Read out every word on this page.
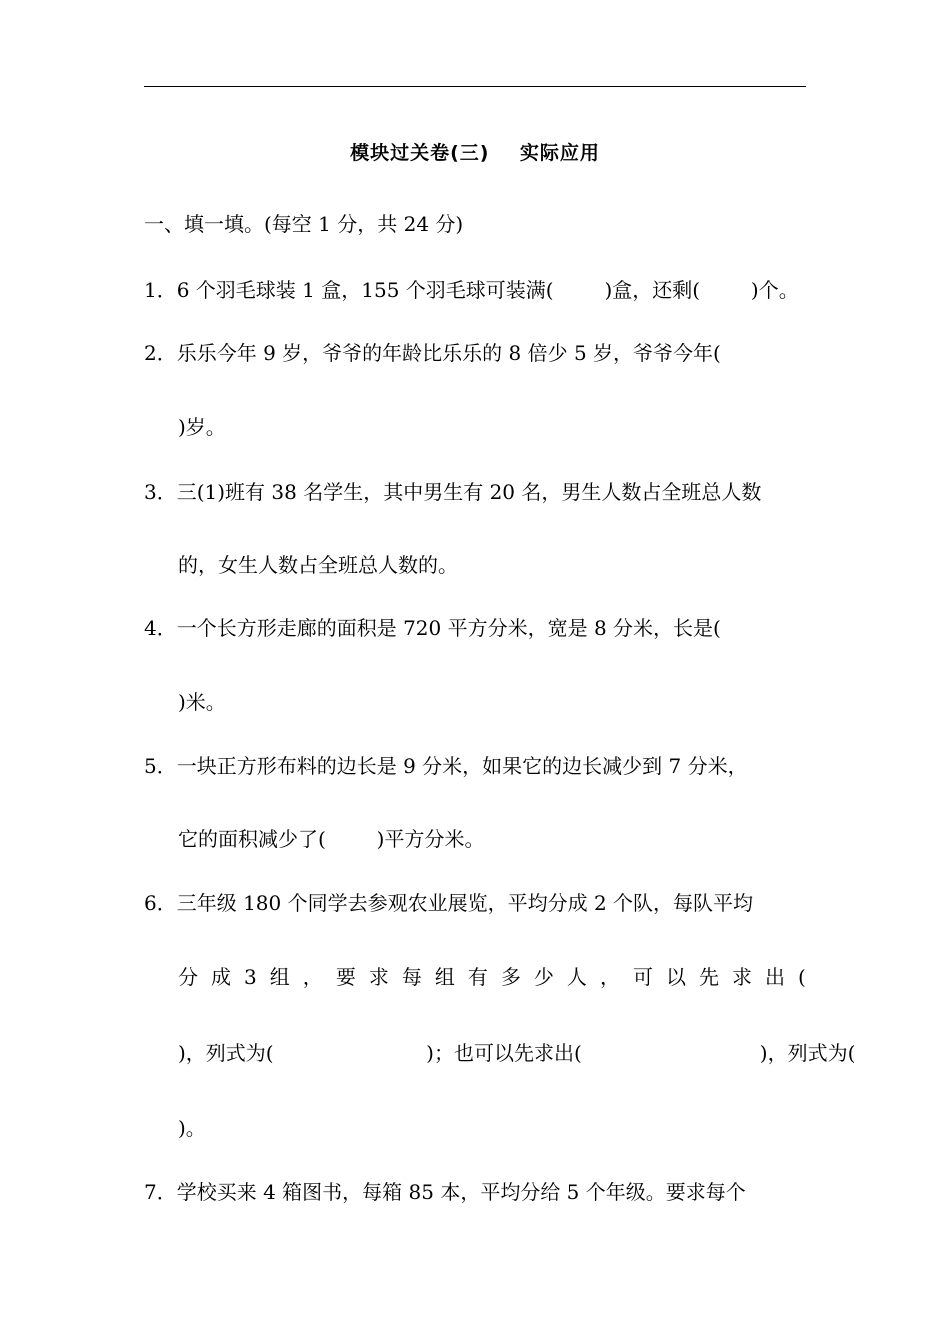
模块过关卷(三)    实际应用
一、填一填。(每空 1 分，共 24 分)
1．6 个羽毛球装 1 盒，155 个羽毛球可装满(        )盒，还剩(        )个。
2．乐乐今年 9 岁，爷爷的年龄比乐乐的 8 倍少 5 岁，爷爷今年(
)岁。
3．三(1)班有 38 名学生，其中男生有 20 名，男生人数占全班总人数
的，女生人数占全班总人数的。
4．一个长方形走廊的面积是 720 平方分米，宽是 8 分米，长是(
)米。
5．一块正方形布料的边长是 9 分米，如果它的边长减少到 7 分米，
它的面积减少了(        )平方分米。
6．三年级 180 个同学去参观农业展览，平均分成 2 个队，每队平均
分 成 3 组 ， 要 求 每 组 有 多 少 人 ， 可 以 先 求 出 (
)，列式为(                        )；也可以先求出(                            )，列式为(
)。
7．学校买来 4 箱图书，每箱 85 本，平均分给 5 个年级。要求每个
